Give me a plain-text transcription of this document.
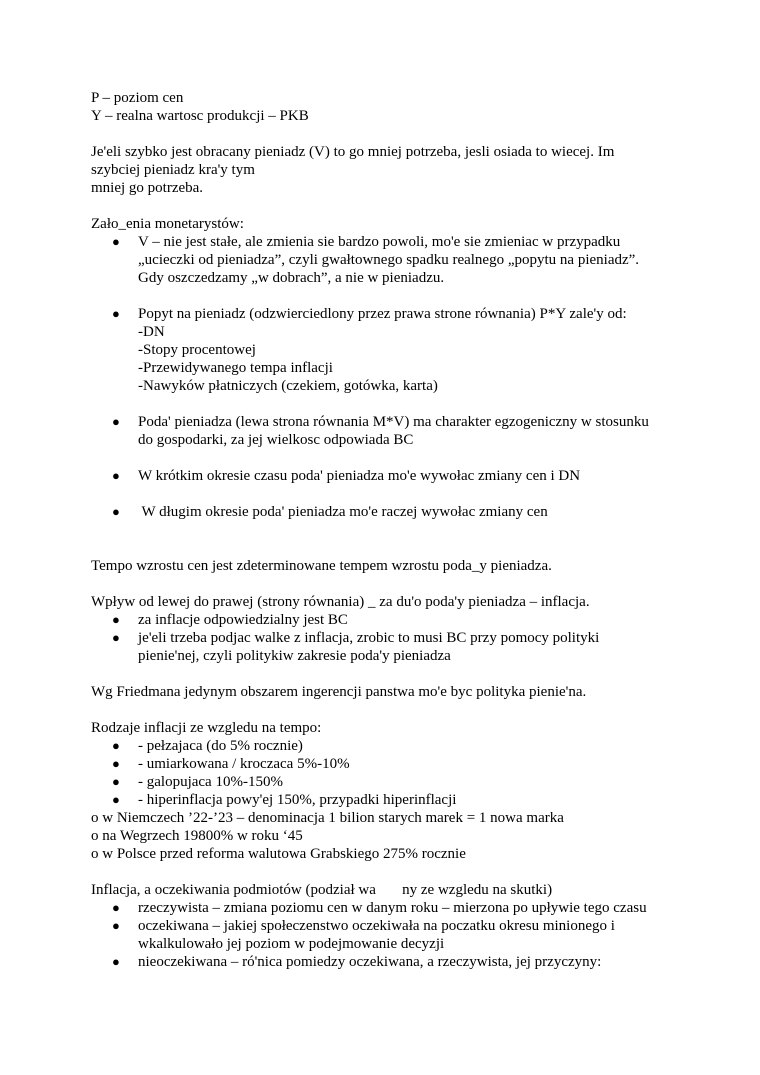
P – poziom cen
Y – realna wartosc produkcji – PKB
Je'eli szybko jest obracany pieniadz (V) to go mniej potrzeba, jesli osiada to wiecej. Im
szybciej pieniadz kra'y tym
mniej go potrzeba.
Zało_enia monetarystów:
● V – nie jest stałe, ale zmienia sie bardzo powoli, mo'e sie zmieniac w przypadku
„ucieczki od pieniadza”, czyli gwałtownego spadku realnego „popytu na pieniadz”.
Gdy oszczedzamy „w dobrach”, a nie w pieniadzu.
● Popyt na pieniadz (odzwierciedlony przez prawa strone równania) P*Y zale'y od:
-DN
-Stopy procentowej
-Przewidywanego tempa inflacji
-Nawyków płatniczych (czekiem, gotówka, karta)
● Poda' pieniadza (lewa strona równania M*V) ma charakter egzogeniczny w stosunku
do gospodarki, za jej wielkosc odpowiada BC
● W krótkim okresie czasu poda' pieniadza mo'e wywołac zmiany cen i DN
● W długim okresie poda' pieniadza mo'e raczej wywołac zmiany cen
Tempo wzrostu cen jest zdeterminowane tempem wzrostu poda_y pieniadza.
Wpływ od lewej do prawej (strony równania) _ za du'o poda'y pieniadza – inflacja.
● za inflacje odpowiedzialny jest BC
● je'eli trzeba podjac walke z inflacja, zrobic to musi BC przy pomocy polityki
pienie'nej, czyli politykiw zakresie poda'y pieniadza
Wg Friedmana jedynym obszarem ingerencji panstwa mo'e byc polityka pienie'na.
Rodzaje inflacji ze wzgledu na tempo:
● - pełzajaca (do 5% rocznie)
● - umiarkowana / kroczaca 5%-10%
● - galopujaca 10%-150%
● - hiperinflacja powy'ej 150%, przypadki hiperinflacji
o w Niemczech ’22-’23 – denominacja 1 bilion starych marek = 1 nowa marka
o na Wegrzech 19800% w roku ‘45
o w Polsce przed reforma walutowa Grabskiego 275% rocznie
Inflacja, a oczekiwania podmiotów (podział wa       ny ze wzgledu na skutki)
● rzeczywista – zmiana poziomu cen w danym roku – mierzona po upływie tego czasu
● oczekiwana – jakiej społeczenstwo oczekiwała na poczatku okresu minionego i
wkalkulowało jej poziom w podejmowanie decyzji
● nieoczekiwana – ró'nica pomiedzy oczekiwana, a rzeczywista, jej przyczyny:
